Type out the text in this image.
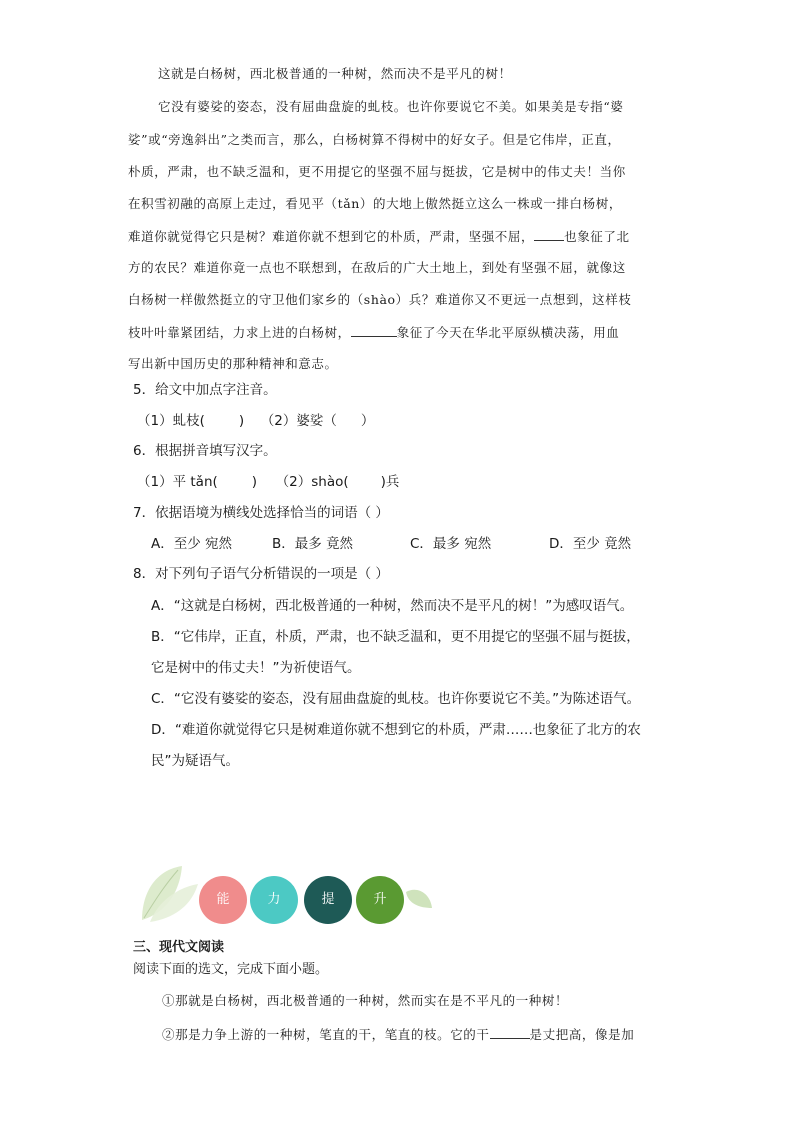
这就是白杨树，西北极普通的一种树，然而决不是平凡的树！
它没有婆娑的姿态，没有屈曲盘旋的虬枝。也许你要说它不美。如果美是专指“婆
娑”或“旁逸斜出”之类而言，那么，白杨树算不得树中的好女子。但是它伟岸，正直，
朴质，严肃，也不缺乏温和，更不用提它的坚强不屈与挺拔，它是树中的伟丈夫！当你
在积雪初融的高原上走过，看见平（tǎn）的大地上傲然挺立这么一株或一排白杨树，
难道你就觉得它只是树？难道你就不想到它的朴质，严肃，坚强不屈， 也象征了北
方的农民？难道你竟一点也不联想到，在敌后的广大土地上，到处有坚强不屈，就像这
白杨树一样傲然挺立的守卫他们家乡的（shào）兵？难道你又不更远一点想到，这样枝
枝叶叶靠紧团结，力求上进的白杨树，	象征了今天在华北平原纵横决荡，用血
写出新中国历史的那种精神和意志。
5．给文中加点字注音。
（1）虬枝(	) （2）婆娑（ ）
6．根据拼音填写汉字。
（1）平 tǎn(	) （2）shào( )兵
7．依据语境为横线处选择恰当的词语（ ）
A．至少 宛然	B．最多 竟然	C．最多 宛然	D．至少 竟然
8．对下列句子语气分析错误的一项是（ ）
A．“这就是白杨树，西北极普通的一种树，然而决不是平凡的树！”为感叹语气。
B．“它伟岸，正直，朴质，严肃，也不缺乏温和，更不用提它的坚强不屈与挺拔，
它是树中的伟丈夫！”为祈使语气。
C．“它没有婆娑的姿态，没有屈曲盘旋的虬枝。也许你要说它不美。”为陈述语气。
D．“难道你就觉得它只是树难道你就不想到它的朴质，严肃……也象征了北方的农
民”为疑语气。
能	力	提	升
三、现代文阅读
阅读下面的选文，完成下面小题。
①那就是白杨树，西北极普通的一种树，然而实在是不平凡的一种树！
②那是力争上游的一种树，笔直的干，笔直的枝。它的干	是丈把高，像是加
